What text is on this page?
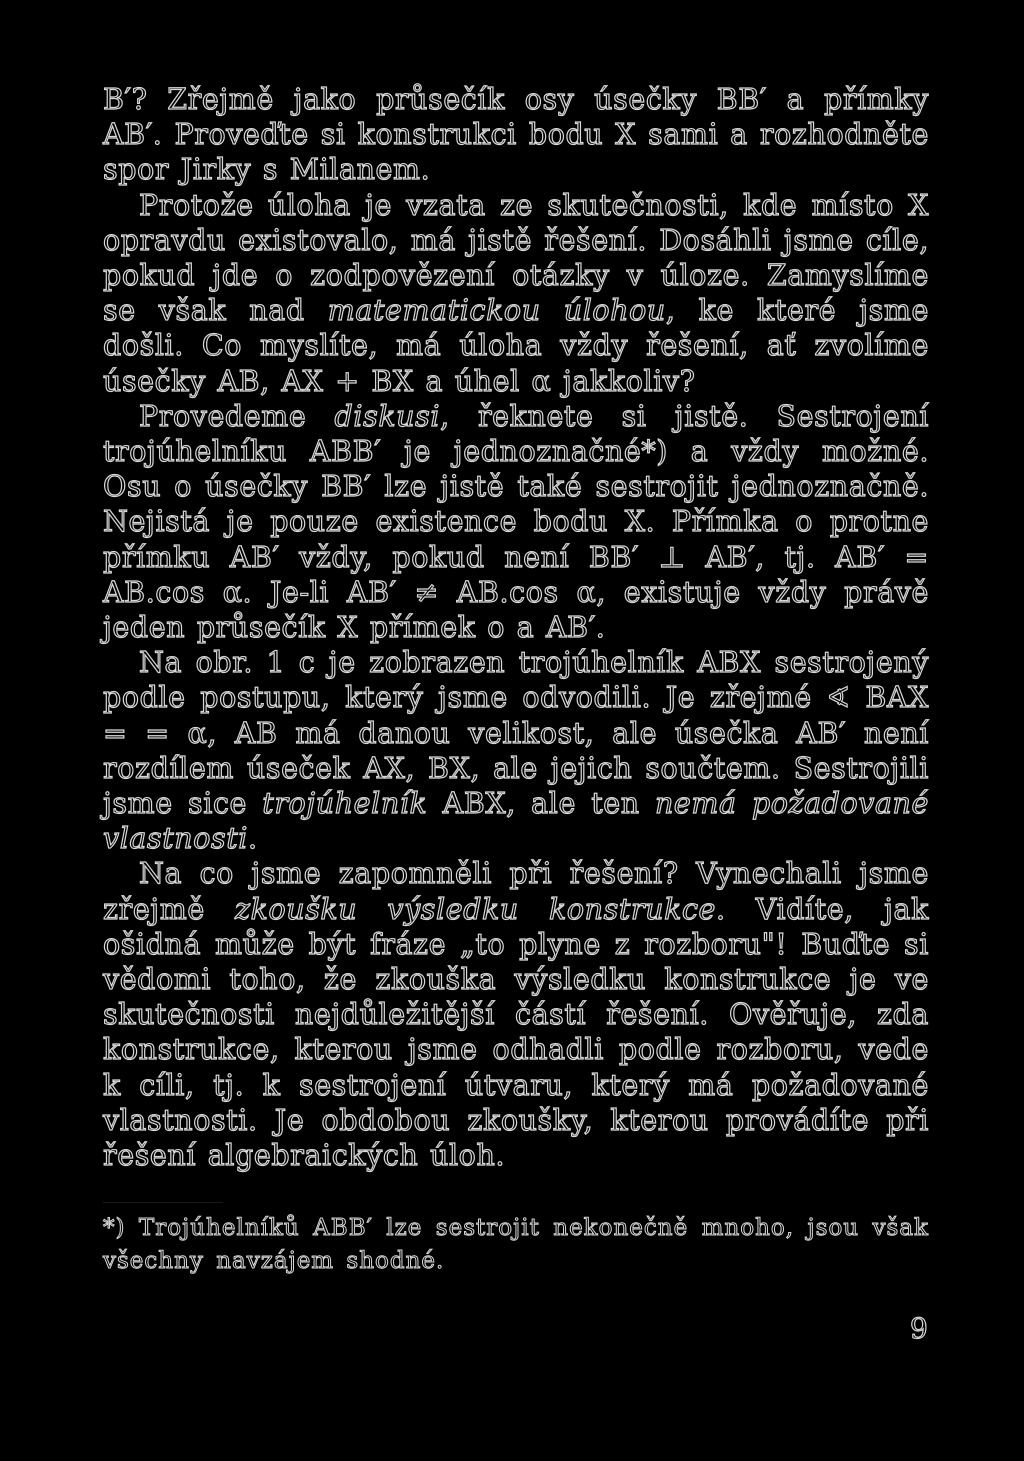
B′? Zřejmě jako průsečík osy úsečky BB′ a přímky AB′. Proveďte si konstrukci bodu X sami a rozhodněte spor Jirky s Milanem.

Protože úloha je vzata ze skutečnosti, kde místo X opravdu existovalo, má jistě řešení. Dosáhli jsme cíle, pokud jde o zodpovězení otázky v úloze. Zamyslíme se však nad matematickou úlohou, ke které jsme došli. Co myslíte, má úloha vždy řešení, ať zvolíme úsečky AB, AX + BX a úhel α jakkoliv?

Provedeme diskusi, řeknete si jistě. Sestrojení trojúhelníku ABB′ je jednoznačné*) a vždy možné. Osu o úsečky BB′ lze jistě také sestrojit jednoznačně. Nejistá je pouze existence bodu X. Přímka o protne přímku AB′ vždy, pokud není BB′ ⊥ AB′, tj. AB′ = AB.cos α. Je-li AB′ ≠ AB.cos α, existuje vždy právě jeden průsečík X přímek o a AB′.

Na obr. 1 c je zobrazen trojúhelník ABX sestrojený podle postupu, který jsme odvodili. Je zřejmé ∢ BAX = = α, AB má danou velikost, ale úsečka AB′ není rozdílem úseček AX, BX, ale jejich součtem. Sestrojili jsme sice trojúhelník ABX, ale ten nemá požadované vlastnosti.

Na co jsme zapomněli při řešení? Vynechali jsme zřejmě zkoušku výsledku konstrukce. Vidíte, jak ošidná může být fráze „to plyne z rozboru"! Buďte si vědomi toho, že zkouška výsledku konstrukce je ve skutečnosti nejdůležitější částí řešení. Ověřuje, zda konstrukce, kterou jsme odhadli podle rozboru, vede k cíli, tj. k sestrojení útvaru, který má požadované vlastnosti. Je obdobou zkoušky, kterou provádíte při řešení algebraických úloh.

*) Trojúhelníků ABB′ lze sestrojit nekonečně mnoho, jsou však všechny navzájem shodné.

9
